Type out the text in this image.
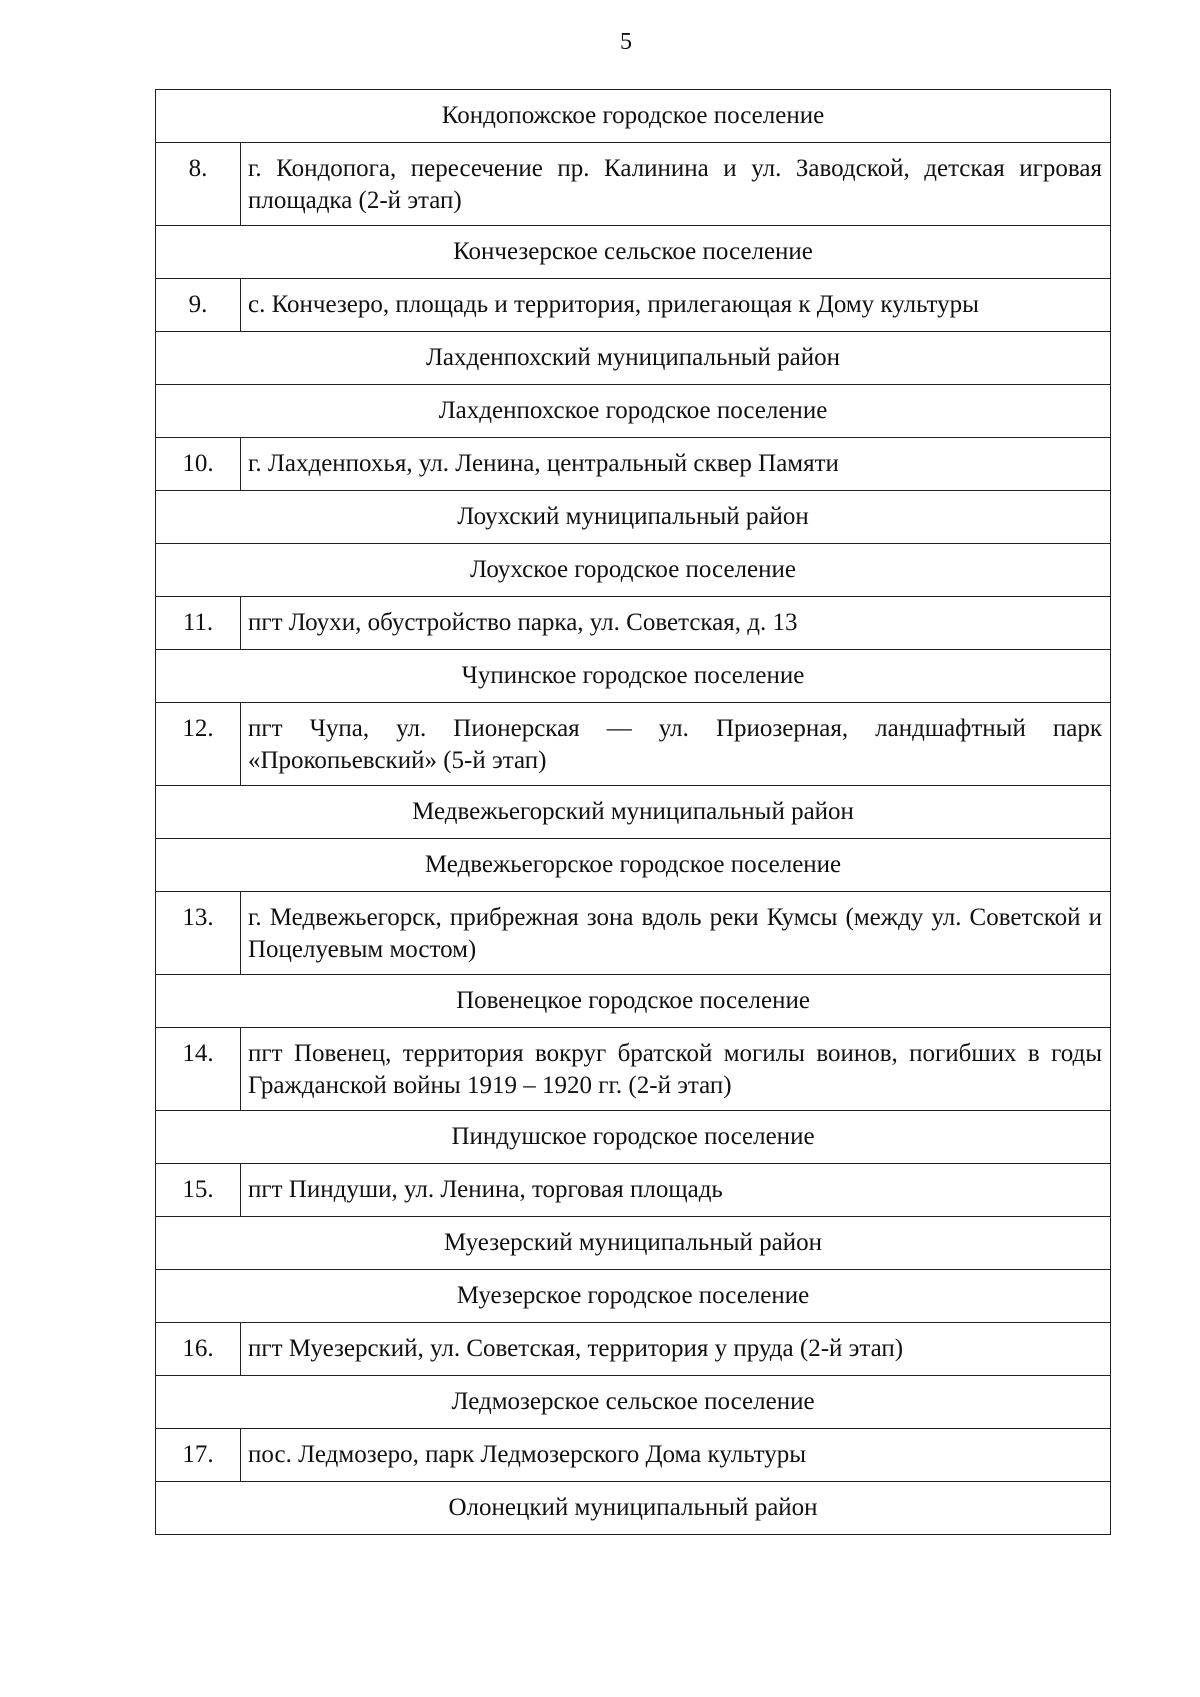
5
Кондопожское городское поселение	
8.	г. Кондопога, пересечение пр. Калинина и ул. Заводской, детская игровая площадка (2-й этап)
Кончезерское сельское поселение	
9.	с. Кончезеро, площадь и территория, прилегающая к Дому культуры
Лахденпохский муниципальный район	
Лахденпохское городское поселение	
10.	г. Лахденпохья, ул. Ленина, центральный сквер Памяти
Лоухский муниципальный район	
Лоухское городское поселение	
11.	пгт Лоухи, обустройство парка, ул. Советская, д. 13
Чупинское городское поселение	
12.	пгт Чупа, ул. Пионерская — ул. Приозерная, ландшафтный парк «Прокопьевский» (5-й этап)
Медвежьегорский муниципальный район	
Медвежьегорское городское поселение	
13.	г. Медвежьегорск, прибрежная зона вдоль реки Кумсы (между ул. Советской и Поцелуевым мостом)
Повенецкое городское поселение	
14.	пгт Повенец, территория вокруг братской могилы воинов, погибших в годы Гражданской войны 1919 – 1920 гг. (2-й этап)
Пиндушское городское поселение	
15.	пгт Пиндуши, ул. Ленина, торговая площадь
Муезерский муниципальный район	
Муезерское городское поселение	
16.	пгт Муезерский, ул. Советская, территория у пруда (2-й этап)
Ледмозерское сельское поселение	
17.	пос. Ледмозеро, парк Ледмозерского Дома культуры
Олонецкий муниципальный район	
